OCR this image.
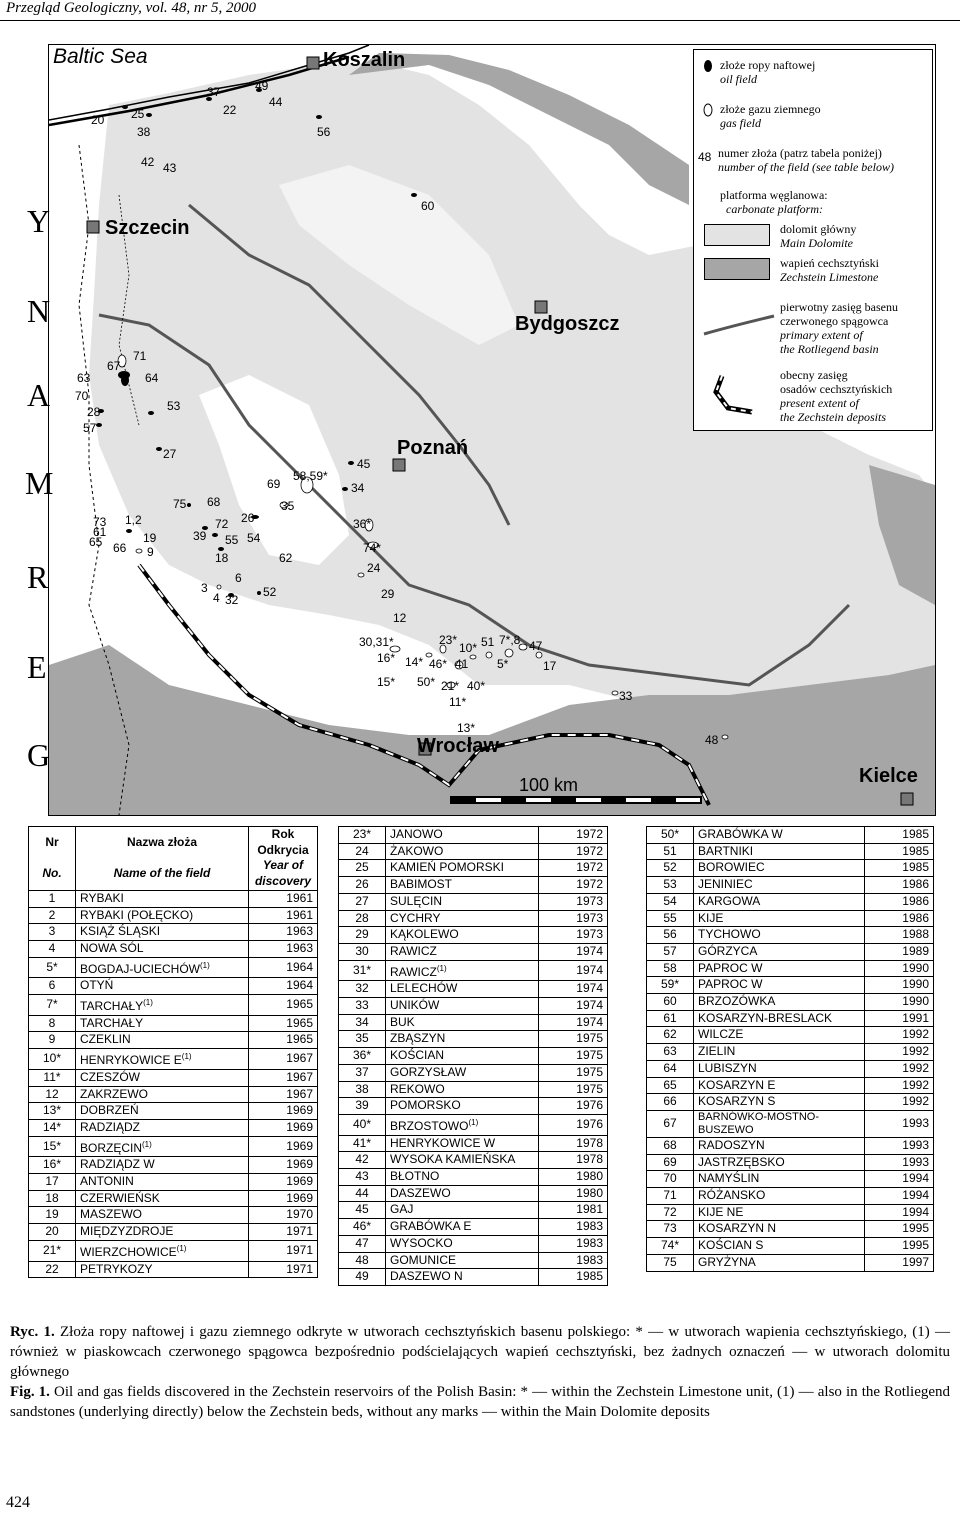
Przegląd Geologiczny, vol. 48, nr 5, 2000
Baltic Sea
Y
N
A
M
R
E
G
Koszalin
Szczecin
Bydgoszcz
Poznań
Wrocław
Kielce
100 km
20 25
38
42 43
37
22
49
44
56
60
63
67
71
64
70
28
57
53
27
73
61
65
1,2
19
66 9
75 68
72
39 55
18
26
54
69
58,59*
35
62
6
3
4 32
52
45
34
36*
74*
24
29
12
30,31*	23*
10* 51 7*,8 47
16* 14* 46* 41 5*	17
15* 50* 21* 40*
11*	33
13*
48
złoże ropy naftowej
oil field
złoże gazu ziemnego
gas field
48 numer złoża (patrz tabela poniżej)
number of the field (see table below)
platforma węglanowa:
carbonate platform:
dolomit główny
Main Dolomite
wapień cechsztyński
Zechstein Limestone
pierwotny zasięg basenu
czerwonego spągowca
primary extent of
the Rotliegend basin
obecny zasięg
osadów cechsztyńskich
present extent of
the Zechstein deposits
Nr	Nazwa złoża	Rok
		Odkrycia
No.	Name of the field	Year of
		discovery
1	RYBAKI	1961
2	RYBAKI (POŁĘCKO)	1961
3	KSIĄŻ ŚLĄSKI	1963
4	NOWA SÓL	1963
5*	BOGDAJ-UCIECHÓW$^{(1)}$	1964
6	OTYŃ	1964
7*	TARCHAŁY$^{(1)}$	1965
8	TARCHAŁY	1965
9	CZEKLIN	1965
10*	HENRYKOWICE $E^{(1)}$	1967
11*	CZESZÓW	1967
12	ZAKRZEWO	1967
13*	DOBRZEŃ	1969
14*	RADZIĄDZ	1969
15*	BORZĘCIN$^{(1)}$	1969
16*	RADZIĄDZ W	1969
17	ANTONIN	1969
18	CZERWIEŃSK	1969
19	MASZEWO	1970
20	MIĘDZYZDROJE	1971
21*	WIERZCHOWICE$^{(1)}$	1971
22	PETRYKOZY	1971
23*	JANOWO	1972
24	ŻAKOWO	1972
25	KAMIEŃ POMORSKI	1972
26	BABIMOST	1972
27	SULĘCIN	1973
28	CYCHRY	1973
29	KĄKOLEWO	1973
30	RAWICZ	1974
31*	RAWICZ$^{(1)}$	1974
32	LELECHÓW	1974
33	UNIKÓW	1974
34	BUK	1974
35	ZBĄSZYN	1975
36*	KOŚCIAN	1975
37	GORZYSŁAW	1975
38	REKOWO	1975
39	POMORSKO	1976
40*	BRZOSTOWO$^{(1)}$	1976
41*	HENRYKOWICE W	1978
42	WYSOKA KAMIEŃSKA	1978
43	BŁOTNO	1980
44	DASZEWO	1980
45	GAJ	1981
46*	GRABÓWKA E	1983
47	WYSOCKO	1983
48	GOMUNICE	1983
49	DASZEWO N	1985
50*	GRABÓWKA W	1985
51	BARTNIKI	1985
52	BOROWIEC	1985
53	JENINIEC	1986
54	KARGOWA	1986
55	KIJE	1986
56	TYCHOWO	1988
57	GÓRZYCA	1989
58	PAPROC W	1990
59*	PAPROC W	1990
60	BRZOZÓWKA	1990
61	KOSARZYN-BRESLACK	1991
62	WILCZE	1992
63	ZIELIN	1992
64	LUBISZYN	1992
65	KOSARZYN E	1992
66	KOSARZYN S	1992
67	BARNÓWKO-MOSTNO-BUSZEWO	1993
68	RADOSZYN	1993
69	JASTRZĘBSKO	1993
70	NAMYŚLIN	1994
71	RÓŻANSKO	1994
72	KIJE NE	1994
73	KOSARZYN N	1995
74*	KOŚCIAN S	1995
75	GRYŻYNA	1997
Ryc. 1. Złoża ropy naftowej i gazu ziemnego odkryte w utworach cechsztyńskich basenu polskiego: * — w utworach wapienia cechsztyńskiego, (1) — również w piaskowcach czerwonego spągowca bezpośrednio podścielających wapień cechsztyński, bez żadnych oznaczeń — w utworach dolomitu głównego
Fig. 1. Oil and gas fields discovered in the Zechstein reservoirs of the Polish Basin: * — within the Zechstein Limestone unit, (1) — also in the Rotliegend sandstones (underlying directly) below the Zechstein beds, without any marks — within the Main Dolomite deposits
424
